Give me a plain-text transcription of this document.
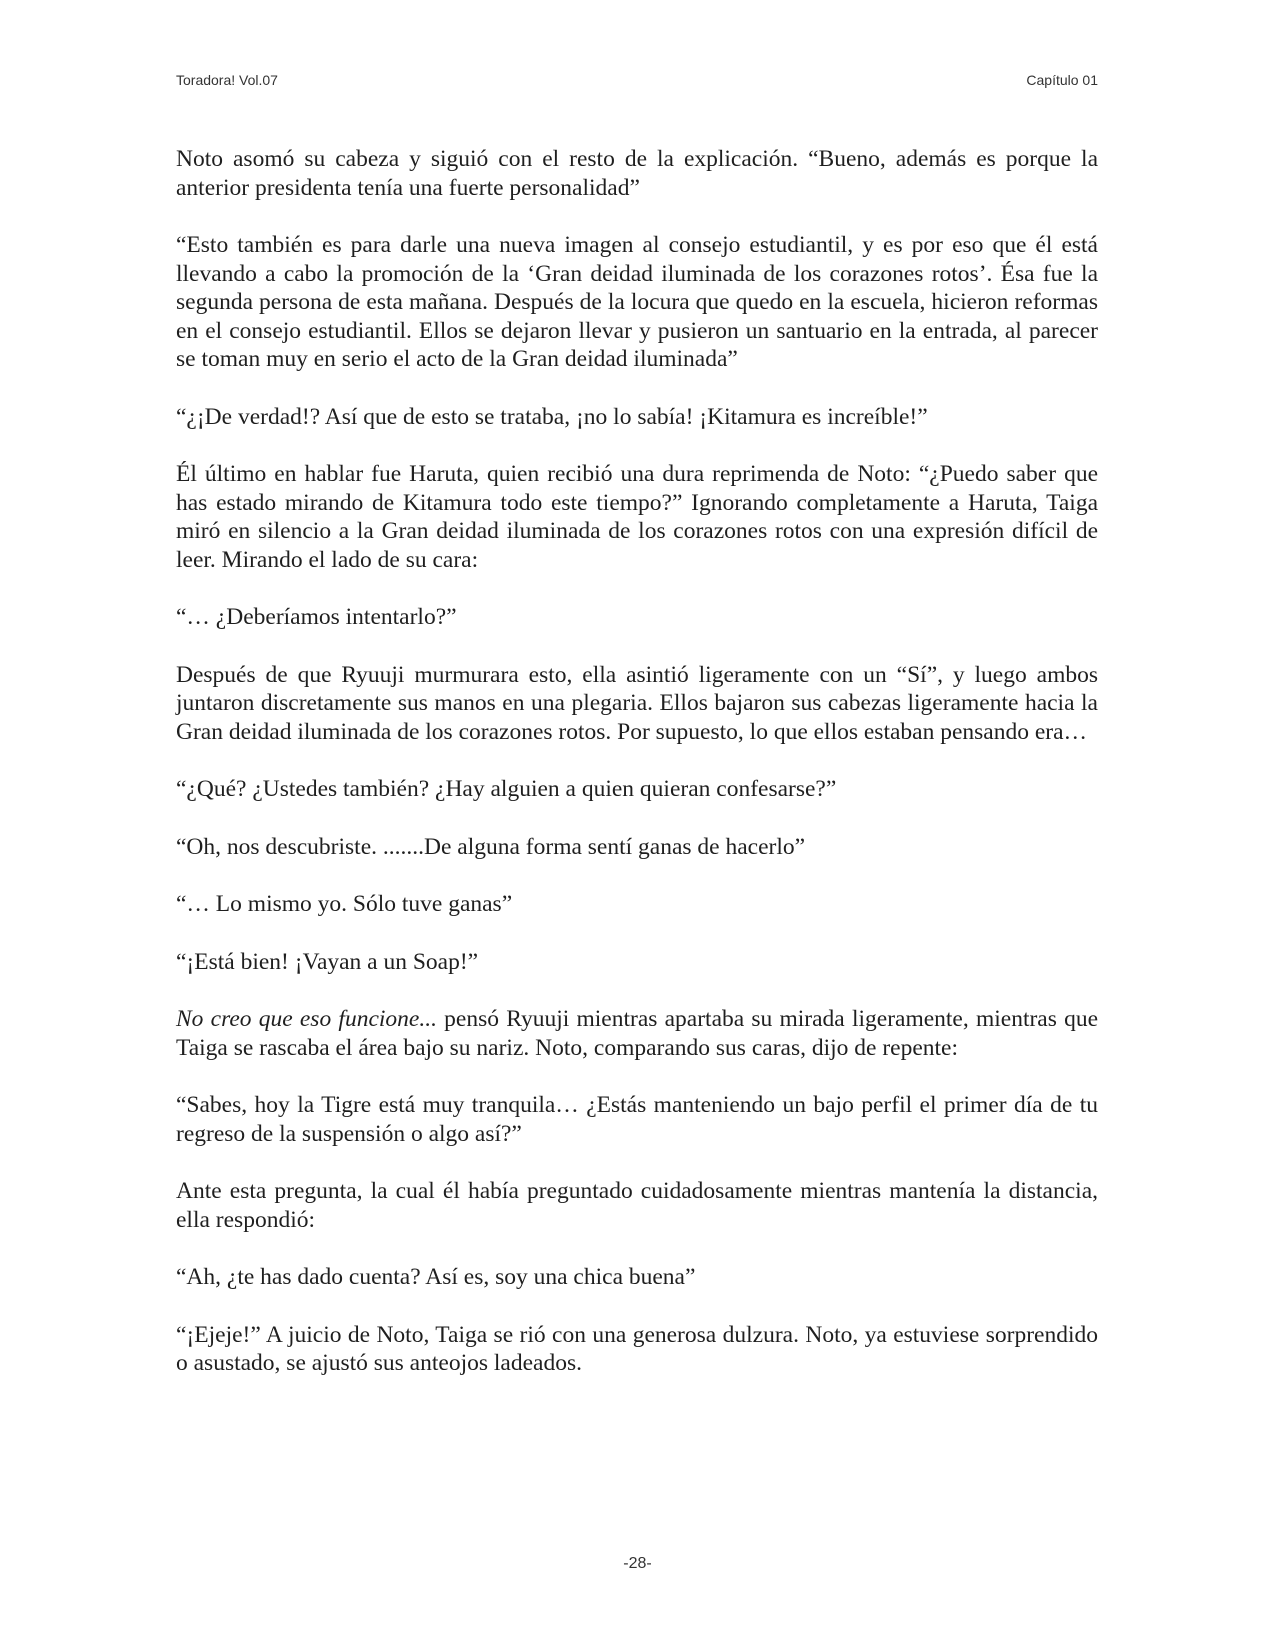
Toradora! Vol.07	Capítulo 01

Noto asomó su cabeza y siguió con el resto de la explicación. “Bueno, además es porque la anterior presidenta tenía una fuerte personalidad”

“Esto también es para darle una nueva imagen al consejo estudiantil, y es por eso que él está llevando a cabo la promoción de la ‘Gran deidad iluminada de los corazones rotos’. Ésa fue la segunda persona de esta mañana. Después de la locura que quedo en la escuela, hicieron reformas en el consejo estudiantil. Ellos se dejaron llevar y pusieron un santuario en la entrada, al parecer se toman muy en serio el acto de la Gran deidad iluminada”

“¿¡De verdad!? Así que de esto se trataba, ¡no lo sabía! ¡Kitamura es increíble!”

Él último en hablar fue Haruta, quien recibió una dura reprimenda de Noto: “¿Puedo saber que has estado mirando de Kitamura todo este tiempo?” Ignorando completamente a Haruta, Taiga miró en silencio a la Gran deidad iluminada de los corazones rotos con una expresión difícil de leer. Mirando el lado de su cara:

“… ¿Deberíamos intentarlo?”

Después de que Ryuuji murmurara esto, ella asintió ligeramente con un “Sí”, y luego ambos juntaron discretamente sus manos en una plegaria. Ellos bajaron sus cabezas ligeramente hacia la Gran deidad iluminada de los corazones rotos. Por supuesto, lo que ellos estaban pensando era…

“¿Qué? ¿Ustedes también? ¿Hay alguien a quien quieran confesarse?”

“Oh, nos descubriste. .......De alguna forma sentí ganas de hacerlo”

“… Lo mismo yo. Sólo tuve ganas”

“¡Está bien! ¡Vayan a un Soap!”

No creo que eso funcione... pensó Ryuuji mientras apartaba su mirada ligeramente, mientras que Taiga se rascaba el área bajo su nariz. Noto, comparando sus caras, dijo de repente:

“Sabes, hoy la Tigre está muy tranquila… ¿Estás manteniendo un bajo perfil el primer día de tu regreso de la suspensión o algo así?”

Ante esta pregunta, la cual él había preguntado cuidadosamente mientras mantenía la distancia, ella respondió:

“Ah, ¿te has dado cuenta? Así es, soy una chica buena”

“¡Ejeje!” A juicio de Noto, Taiga se rió con una generosa dulzura. Noto, ya estuviese sorprendido o asustado, se ajustó sus anteojos ladeados.

-28-
